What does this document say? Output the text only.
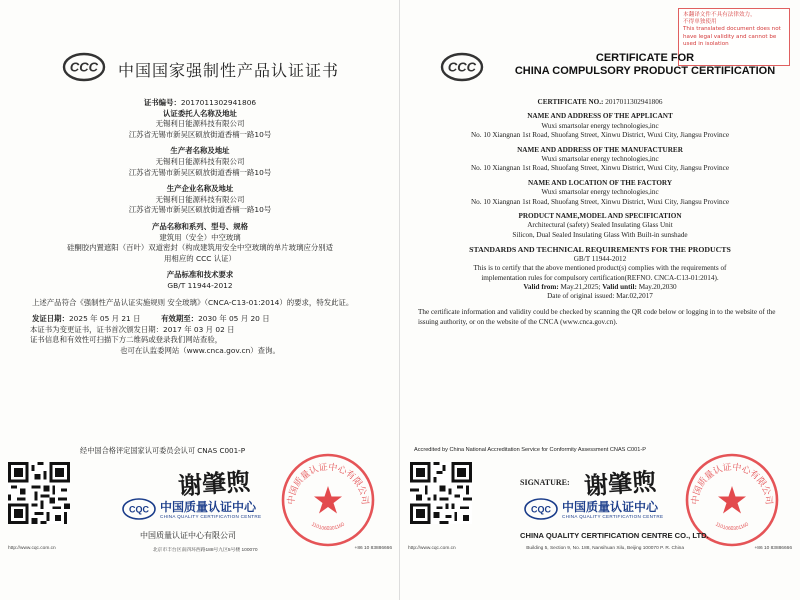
CCC 中国国家强制性产品认证证书
证书编号：2017011302941806
认证委托人名称及地址
无锡利日能源科技有限公司
江苏省无锡市新吴区硕放街道香楠一路10号
生产者名称及地址
无锡利日能源科技有限公司
江苏省无锡市新吴区硕放街道香楠一路10号
生产企业名称及地址
无锡利日能源科技有限公司
江苏省无锡市新吴区硕放街道香楠一路10号
产品名称和系列、型号、规格
建筑用（安全）中空玻璃
硅酮胶内置遮阳（百叶）双道密封（构成建筑用安全中空玻璃的单片玻璃应分别适
用相应的 CCC 认证）
产品标准和技术要求
GB/T 11944-2012
上述产品符合《强制性产品认证实施规则 安全玻璃》（CNCA-C13-01:2014）的要求，特发此证。
发证日期：2025 年 05 月 21 日	有效期至：2030 年 05 月 20 日
本证书为变更证书，证书首次颁发日期：2017 年 03 月 02 日
证书信息和有效性可扫描下方二维码或登录我们网站查验，
也可在认监委网站（www.cnca.gov.cn）查询。
经中国合格评定国家认可委员会认可 CNAS C001-P
谢肇煦
CQC 中国质量认证中心
CHINA QUALITY CERTIFICATION CENTRE
中国质量认证中心有限公司
1101060301160
中国质量认证中心有限公司
http://www.cqc.com.cn	北京市丰台区南四环西路188号九区5号楼 100070	+86 10 83886666
本翻译文件不具有法律效力，
不得单独使用
This translated document does not have legal validity and cannot be used in isolation
CCC
CERTIFICATE FOR
CHINA COMPULSORY PRODUCT CERTIFICATION
CERTIFICATE NO.: 2017011302941806
NAME AND ADDRESS OF THE APPLICANT
Wuxi smartsolar energy technologies,inc
No. 10 Xiangnan 1st Road, Shuofang Street, Xinwu District, Wuxi City, Jiangsu Province
NAME AND ADDRESS OF THE MANUFACTURER
Wuxi smartsolar energy technologies,inc
No. 10 Xiangnan 1st Road, Shuofang Street, Xinwu District, Wuxi City, Jiangsu Province
NAME AND LOCATION OF THE FACTORY
Wuxi smartsolar energy technologies,inc
No. 10 Xiangnan 1st Road, Shuofang Street, Xinwu District, Wuxi City, Jiangsu Province
PRODUCT NAME,MODEL AND SPECIFICATION
Architectural (safety) Sealed Insulating Glass Unit
Silicon, Dual Sealed Insulating Glass With Built-in sunshade
STANDARDS AND TECHNICAL REQUIREMENTS FOR THE PRODUCTS
GB/T 11944-2012
This is to certify that the above mentioned product(s) complies with the requirements of
implementation rules for compulsory certification(REFNO. CNCA-C13-01:2014).
Valid from: May.21,2025; Valid until: May.20,2030
Date of original issued: Mar.02,2017
The certificate information and validity could be checked by scanning the QR code below or logging in to the website of the issuing authority, or on the website of the CNCA (www.cnca.gov.cn).
Accredited by China National Accreditation Service for Conformity Assessment CNAS C001-P
SIGNATURE: 谢肇煦
CQC 中国质量认证中心
CHINA QUALITY CERTIFICATION CENTRE
中国质量认证中心有限公司
1101060301160
CHINA QUALITY CERTIFICATION CENTRE CO., LTD.
http://www.cqc.com.cn	Building 5, Section 9, No. 188, Nansihuan Xilu, Beijing 100070 P. R. China	+86 10 83886666
